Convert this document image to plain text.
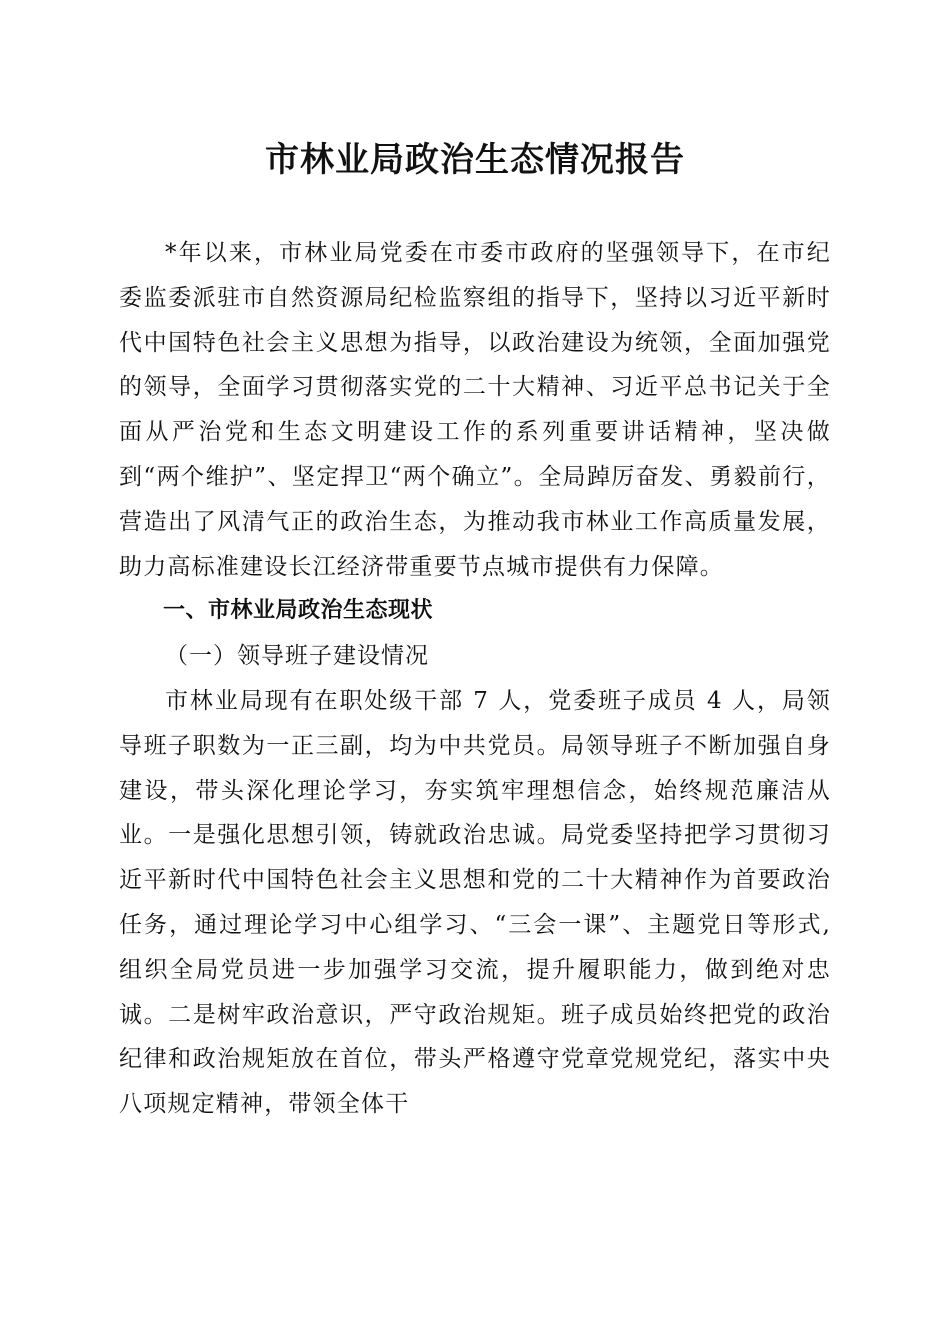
市林业局政治生态情况报告

*年以来，市林业局党委在市委市政府的坚强领导下，在市纪委监委派驻市自然资源局纪检监察组的指导下，坚持以习近平新时代中国特色社会主义思想为指导，以政治建设为统领，全面加强党的领导，全面学习贯彻落实党的二十大精神、习近平总书记关于全面从严治党和生态文明建设工作的系列重要讲话精神，坚决做到“两个维护”、坚定捍卫“两个确立”。全局踔厉奋发、勇毅前行，营造出了风清气正的政治生态，为推动我市林业工作高质量发展，助力高标准建设长江经济带重要节点城市提供有力保障。

一、市林业局政治生态现状

（一）领导班子建设情况

市林业局现有在职处级干部 7 人，党委班子成员 4 人，局领导班子职数为一正三副，均为中共党员。局领导班子不断加强自身建设，带头深化理论学习，夯实筑牢理想信念，始终规范廉洁从业。一是强化思想引领，铸就政治忠诚。局党委坚持把学习贯彻习近平新时代中国特色社会主义思想和党的二十大精神作为首要政治任务，通过理论学习中心组学习、“三会一课”、主题党日等形式,组织全局党员进一步加强学习交流，提升履职能力，做到绝对忠诚。二是树牢政治意识，严守政治规矩。班子成员始终把党的政治纪律和政治规矩放在首位，带头严格遵守党章党规党纪，落实中央八项规定精神，带领全体干
